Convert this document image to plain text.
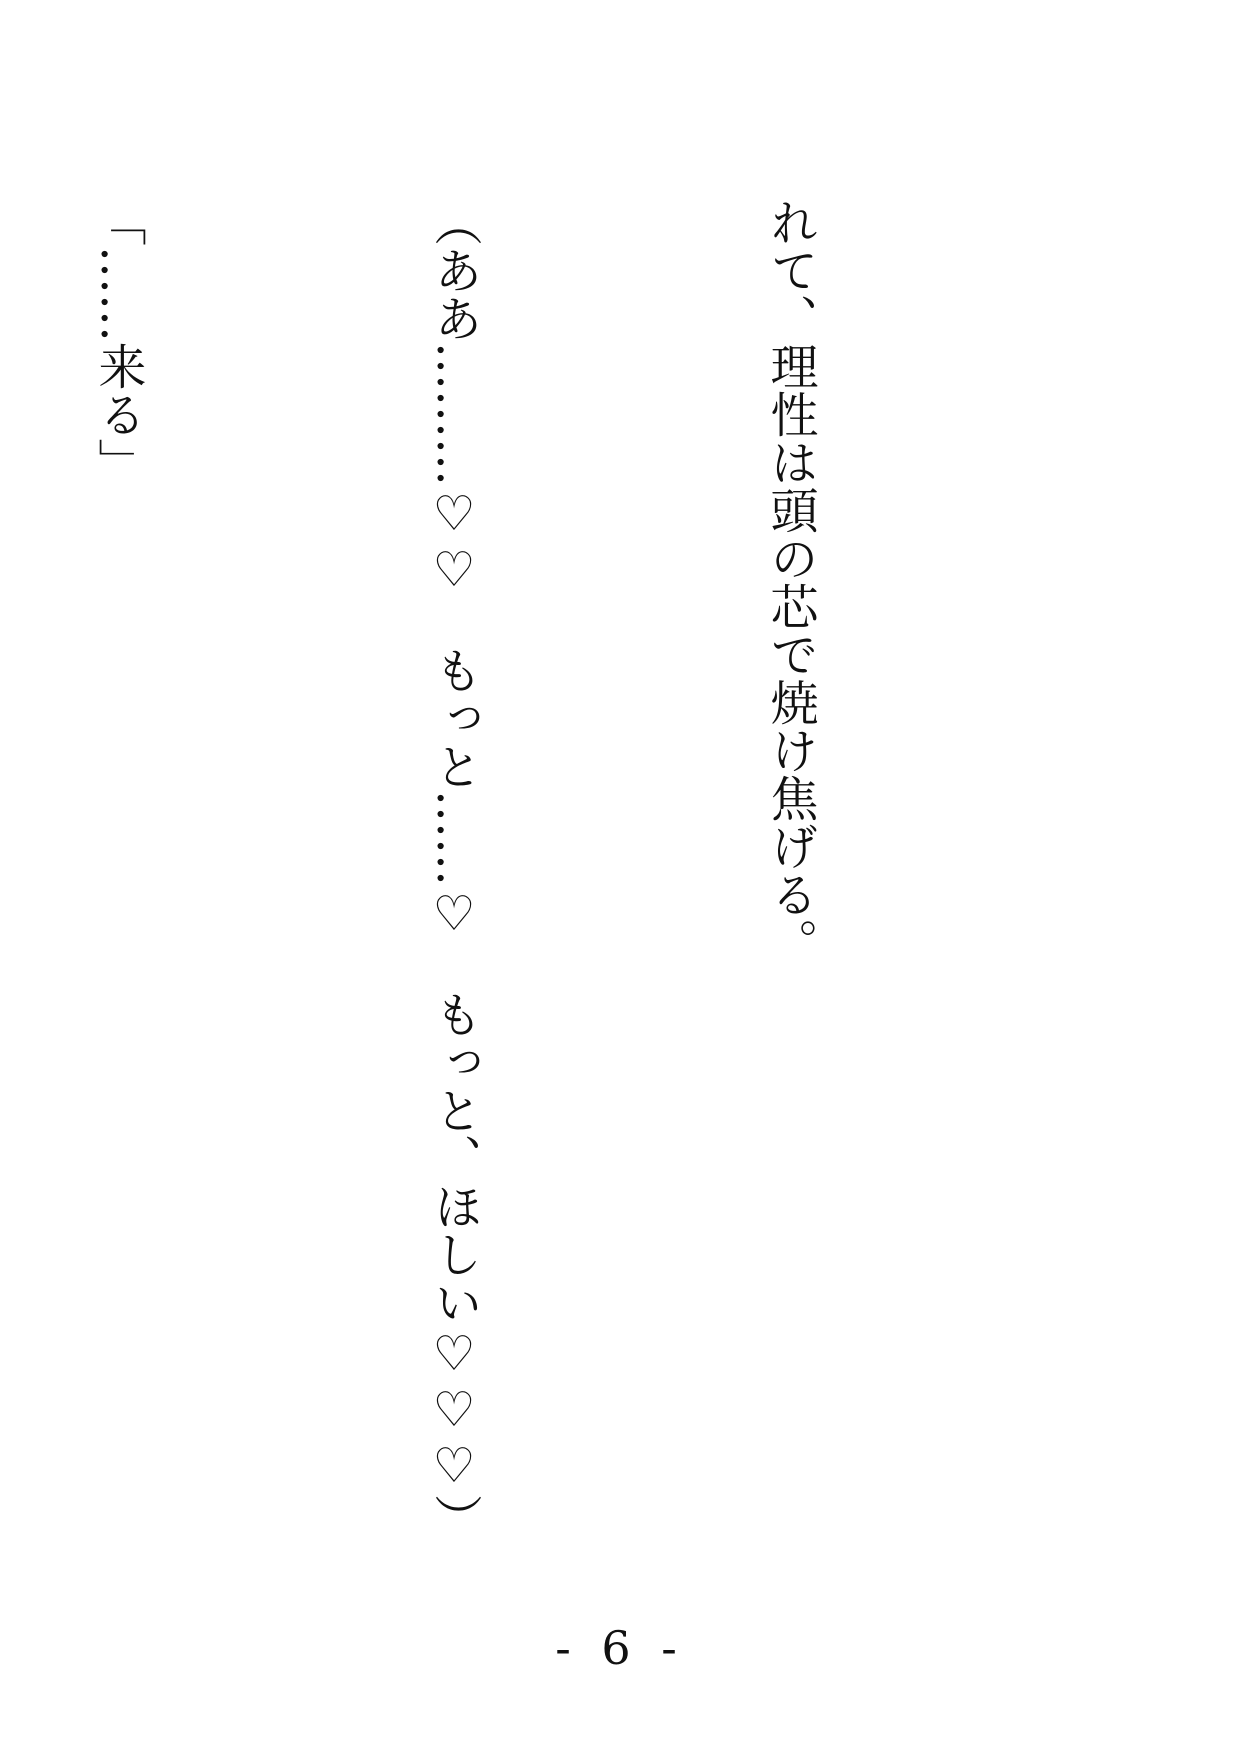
れて、理性は頭の芯で焼け焦げる。

（ああ………♡♡　もっと……♡　もっと、ほしい♡♡♡）

「……来る」

- 6 -
